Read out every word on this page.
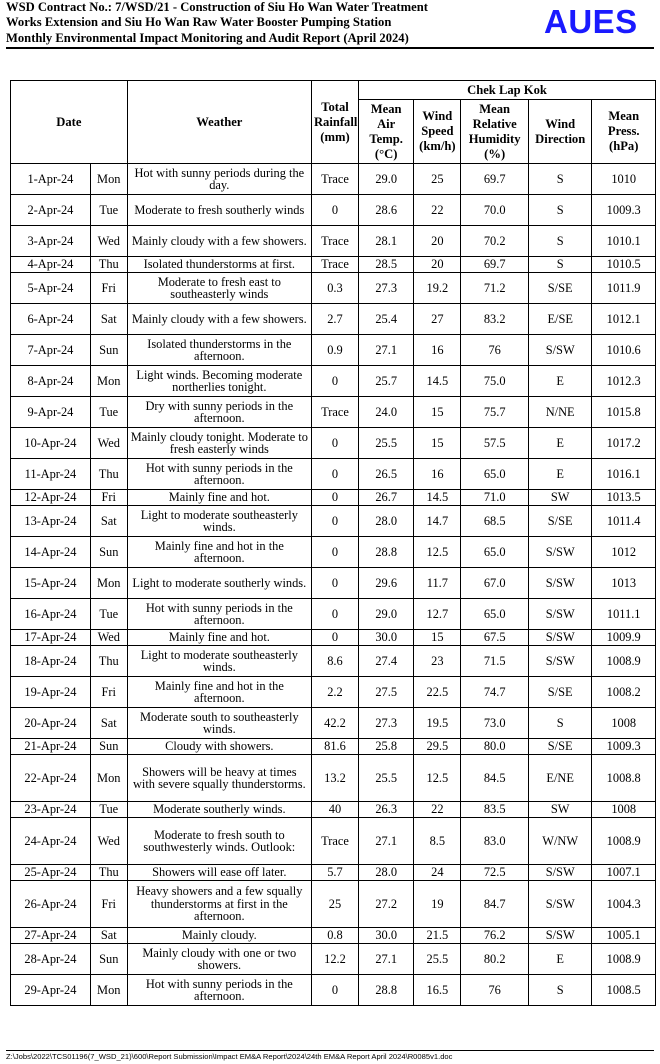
WSD Contract No.: 7/WSD/21 - Construction of Siu Ho Wan Water Treatment
Works Extension and Siu Ho Wan Raw Water Booster Pumping Station
Monthly Environmental Impact Monitoring and Audit Report (April 2024)	AUES
Date		Weather	Total Rainfall (mm)	Chek Lap Kok				
				Mean Air Temp. (°C)	Wind Speed (km/h)	Mean Relative Humidity (%)	Wind Direction	Mean Press. (hPa)
1-Apr-24	Mon	Hot with sunny periods during the day.	Trace	29.0	25	69.7	S	1010
2-Apr-24	Tue	Moderate to fresh southerly winds	0	28.6	22	70.0	S	1009.3
3-Apr-24	Wed	Mainly cloudy with a few showers.	Trace	28.1	20	70.2	S	1010.1
4-Apr-24	Thu	Isolated thunderstorms at first.	Trace	28.5	20	69.7	S	1010.5
5-Apr-24	Fri	Moderate to fresh east to southeasterly winds	0.3	27.3	19.2	71.2	S/SE	1011.9
6-Apr-24	Sat	Mainly cloudy with a few showers.	2.7	25.4	27	83.2	E/SE	1012.1
7-Apr-24	Sun	Isolated thunderstorms in the afternoon.	0.9	27.1	16	76	S/SW	1010.6
8-Apr-24	Mon	Light winds. Becoming moderate northerlies tonight.	0	25.7	14.5	75.0	E	1012.3
9-Apr-24	Tue	Dry with sunny periods in the afternoon.	Trace	24.0	15	75.7	N/NE	1015.8
10-Apr-24	Wed	Mainly cloudy tonight. Moderate to fresh easterly winds	0	25.5	15	57.5	E	1017.2
11-Apr-24	Thu	Hot with sunny periods in the afternoon.	0	26.5	16	65.0	E	1016.1
12-Apr-24	Fri	Mainly fine and hot.	0	26.7	14.5	71.0	SW	1013.5
13-Apr-24	Sat	Light to moderate southeasterly winds.	0	28.0	14.7	68.5	S/SE	1011.4
14-Apr-24	Sun	Mainly fine and hot in the afternoon.	0	28.8	12.5	65.0	S/SW	1012
15-Apr-24	Mon	Light to moderate southerly winds.	0	29.6	11.7	67.0	S/SW	1013
16-Apr-24	Tue	Hot with sunny periods in the afternoon.	0	29.0	12.7	65.0	S/SW	1011.1
17-Apr-24	Wed	Mainly fine and hot.	0	30.0	15	67.5	S/SW	1009.9
18-Apr-24	Thu	Light to moderate southeasterly winds.	8.6	27.4	23	71.5	S/SW	1008.9
19-Apr-24	Fri	Mainly fine and hot in the afternoon.	2.2	27.5	22.5	74.7	S/SE	1008.2
20-Apr-24	Sat	Moderate south to southeasterly winds.	42.2	27.3	19.5	73.0	S	1008
21-Apr-24	Sun	Cloudy with showers.	81.6	25.8	29.5	80.0	S/SE	1009.3
22-Apr-24	Mon	Showers will be heavy at times with severe squally thunderstorms.	13.2	25.5	12.5	84.5	E/NE	1008.8
23-Apr-24	Tue	Moderate southerly winds.	40	26.3	22	83.5	SW	1008
24-Apr-24	Wed	Moderate to fresh south to southwesterly winds. Outlook:	Trace	27.1	8.5	83.0	W/NW	1008.9
25-Apr-24	Thu	Showers will ease off later.	5.7	28.0	24	72.5	S/SW	1007.1
26-Apr-24	Fri	Heavy showers and a few squally thunderstorms at first in the afternoon.	25	27.2	19	84.7	S/SW	1004.3
27-Apr-24	Sat	Mainly cloudy.	0.8	30.0	21.5	76.2	S/SW	1005.1
28-Apr-24	Sun	Mainly cloudy with one or two showers.	12.2	27.1	25.5	80.2	E	1008.9
29-Apr-24	Mon	Hot with sunny periods in the afternoon.	0	28.8	16.5	76	S	1008.5
Z:\Jobs\2022\TCS01196(7_WSD_21)\600\Report Submission\Impact EM&A Report\2024\24th EM&A Report April 2024\R0085v1.doc
